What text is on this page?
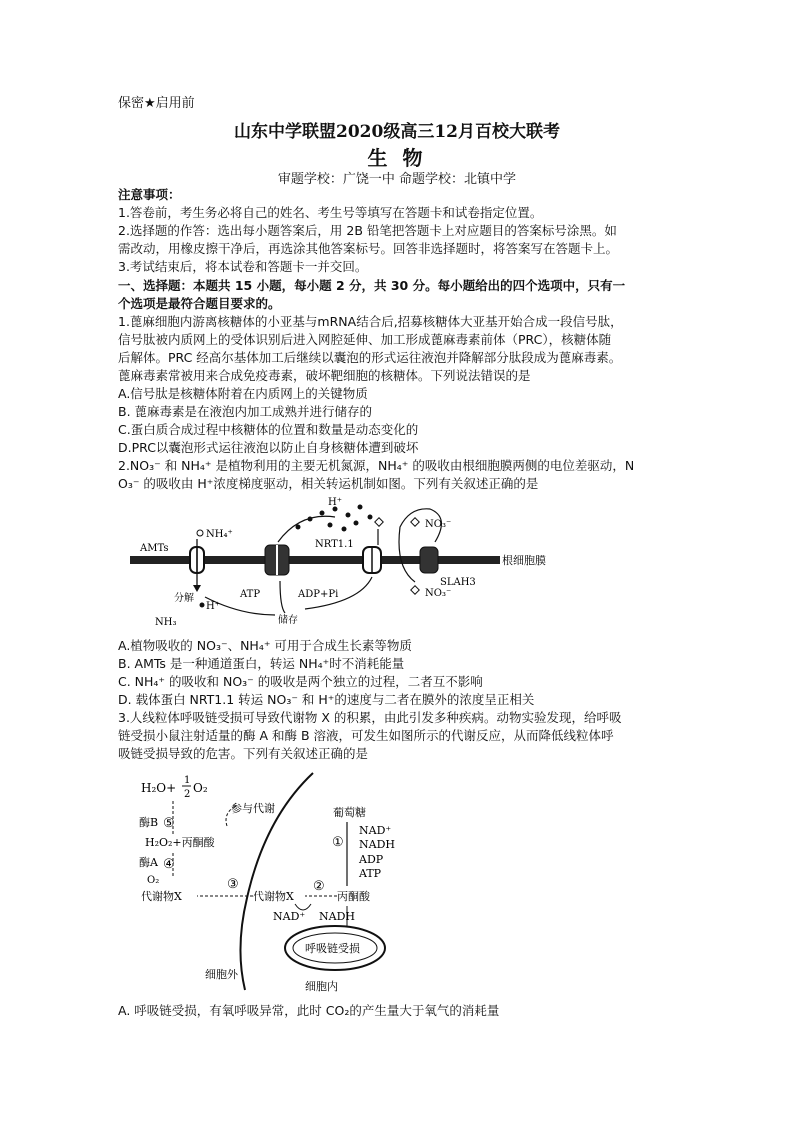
保密★启用前
山东中学联盟2020级高三12月百校大联考
生 物
审题学校：广饶一中 命题学校：北镇中学
注意事项：
1.答卷前，考生务必将自己的姓名、考生号等填写在答题卡和试卷指定位置。
2.选择题的作答：选出每小题答案后，用 2B 铅笔把答题卡上对应题目的答案标号涂黑。如
需改动，用橡皮擦干净后，再选涂其他答案标号。回答非选择题时，将答案写在答题卡上。
3.考试结束后，将本试卷和答题卡一并交回。
一、选择题：本题共 15 小题，每小题 2 分，共 30 分。每小题给出的四个选项中，只有一
个选项是最符合题目要求的。
1.蓖麻细胞内游离核糖体的小亚基与mRNA结合后,招募核糖体大亚基开始合成一段信号肽，
信号肽被内质网上的受体识别后进入网腔延伸、加工形成蓖麻毒素前体（PRC），核糖体随
后解体。PRC 经高尔基体加工后继续以囊泡的形式运往液泡并降解部分肽段成为蓖麻毒素。
蓖麻毒素常被用来合成免疫毒素，破坏靶细胞的核糖体。下列说法错误的是
A.信号肽是核糖体附着在内质网上的关键物质
B. 蓖麻毒素是在液泡内加工成熟并进行储存的
C.蛋白质合成过程中核糖体的位置和数量是动态变化的
D.PRC以囊泡形式运往液泡以防止自身核糖体遭到破坏
2.NO₃⁻ 和 NH₄⁺ 是植物利用的主要无机氮源，NH₄⁺ 的吸收由根细胞膜两侧的电位差驱动，N
O₃⁻ 的吸收由 H⁺浓度梯度驱动，相关转运机制如图。下列有关叙述正确的是
根细胞膜
AMTs
NH₄⁺
分解
H⁺
NH₃
ATP	ADP+Pi
储存
H⁺
NRT1.1
SLAH3
NO₃⁻
NO₃⁻
A.植物吸收的 NO₃⁻、NH₄⁺ 可用于合成生长素等物质
B. AMTs 是一种通道蛋白，转运 NH₄⁺时不消耗能量
C. NH₄⁺ 的吸收和 NO₃⁻ 的吸收是两个独立的过程，二者互不影响
D. 载体蛋白 NRT1.1 转运 NO₃⁻ 和 H⁺的速度与二者在膜外的浓度呈正相关
3.人线粒体呼吸链受损可导致代谢物 X 的积累，由此引发多种疾病。动物实验发现，给呼吸
链受损小鼠注射适量的酶 A 和酶 B 溶液，可发生如图所示的代谢反应，从而降低线粒体呼
吸链受损导致的危害。下列有关叙述正确的是
H₂O+
1
2 O₂
参与代谢
酶B ⑤
H₂O₂+丙酮酸
酶A ④
O₂
代谢物X
③
代谢物X
②
丙酮酸
葡萄糖
①
NAD⁺
NADH
ADP
ATP
NAD⁺ NADH
呼吸链受损
细胞外
细胞内
A. 呼吸链受损，有氧呼吸异常，此时 CO₂的产生量大于氧气的消耗量
